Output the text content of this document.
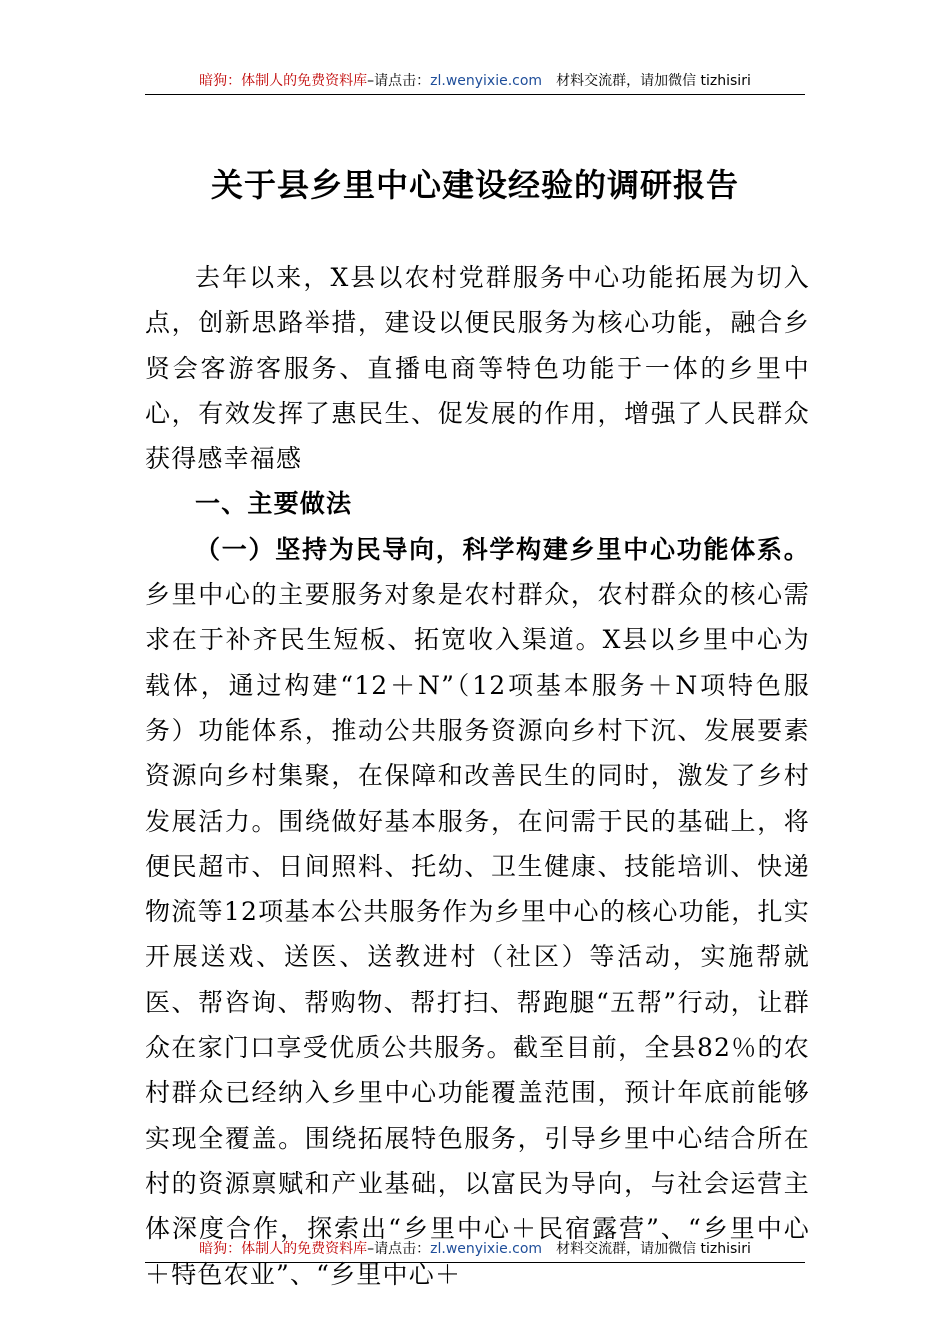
暗狗：体制人的免费资料库–请点击：zl.wenyixie.com 材料交流群，请加微信 tizhisiri
关于县乡里中心建设经验的调研报告

去年以来，X县以农村党群服务中心功能拓展为切入点，创新思路举措，建设以便民服务为核心功能，融合乡贤会客游客服务、直播电商等特色功能于一体的乡里中心，有效发挥了惠民生、促发展的作用，增强了人民群众获得感幸福感

一、主要做法

（一）坚持为民导向，科学构建乡里中心功能体系。乡里中心的主要服务对象是农村群众，农村群众的核心需求在于补齐民生短板、拓宽收入渠道。X县以乡里中心为载体，通过构建“12＋N”（12项基本服务＋N项特色服务）功能体系，推动公共服务资源向乡村下沉、发展要素资源向乡村集聚，在保障和改善民生的同时，激发了乡村发展活力。围绕做好基本服务，在问需于民的基础上，将便民超市、日间照料、托幼、卫生健康、技能培训、快递物流等12项基本公共服务作为乡里中心的核心功能，扎实开展送戏、送医、送教进村（社区）等活动，实施帮就医、帮咨询、帮购物、帮打扫、帮跑腿“五帮”行动，让群众在家门口享受优质公共服务。截至目前，全县82％的农村群众已经纳入乡里中心功能覆盖范围，预计年底前能够实现全覆盖。围绕拓展特色服务，引导乡里中心结合所在村的资源禀赋和产业基础，以富民为导向，与社会运营主体深度合作，探索出“乡里中心＋民宿露营”、“乡里中心＋特色农业”、“乡里中心＋

暗狗：体制人的免费资料库–请点击：zl.wenyixie.com 材料交流群，请加微信 tizhisiri
